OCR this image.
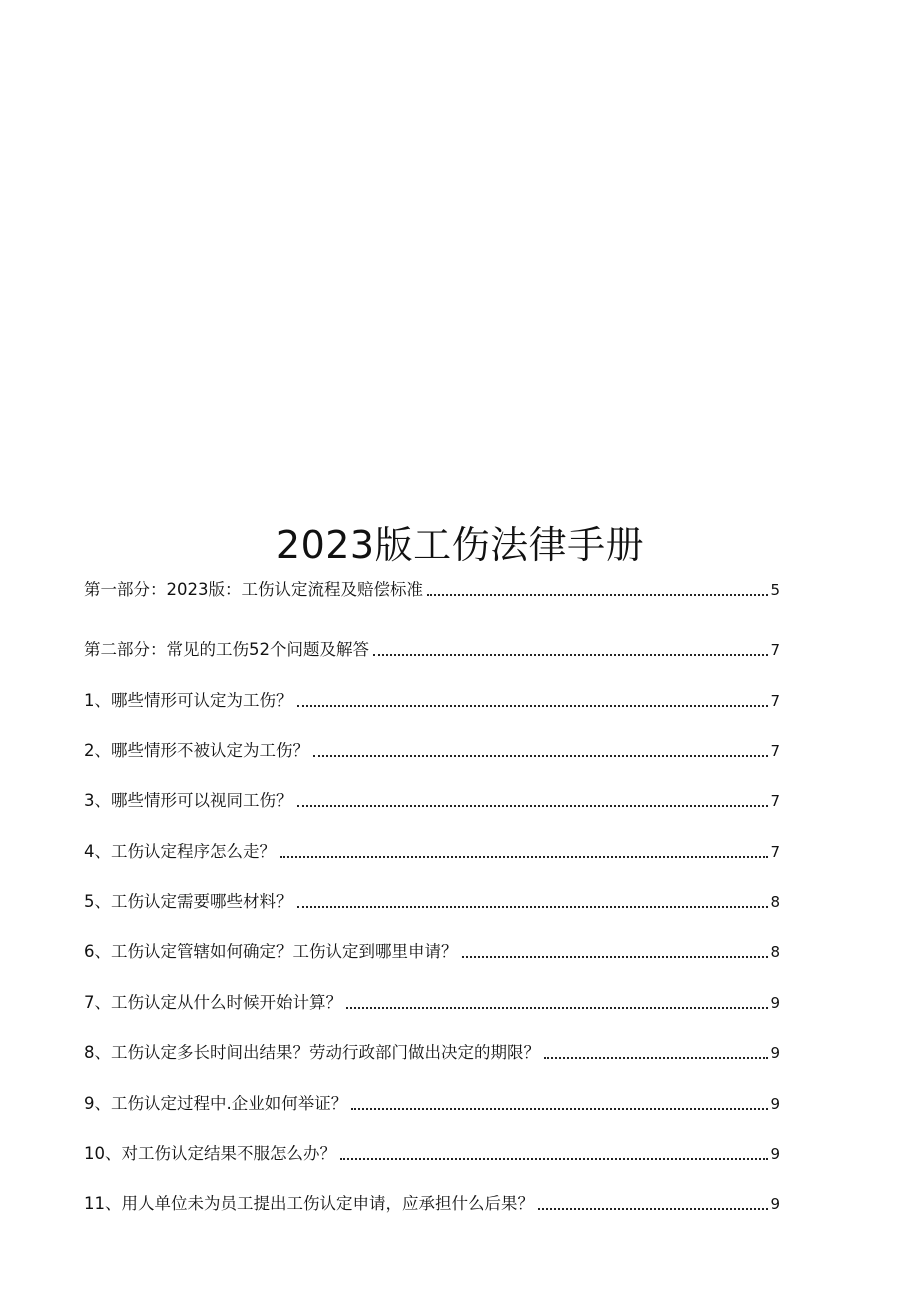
2023版工伤法律手册
第一部分：2023版：工伤认定流程及赔偿标准	5
第二部分：常见的工伤52个问题及解答	7
1、哪些情形可认定为工伤？	7
2、哪些情形不被认定为工伤？	7
3、哪些情形可以视同工伤？	7
4、工伤认定程序怎么走？	7
5、工伤认定需要哪些材料？	8
6、工伤认定管辖如何确定？工伤认定到哪里申请？	8
7、工伤认定从什么时候开始计算？	9
8、工伤认定多长时间出结果？劳动行政部门做出决定的期限？	9
9、工伤认定过程中.企业如何举证？	9
10、对工伤认定结果不服怎么办？	9
11、用人单位未为员工提出工伤认定申请，应承担什么后果？	9
